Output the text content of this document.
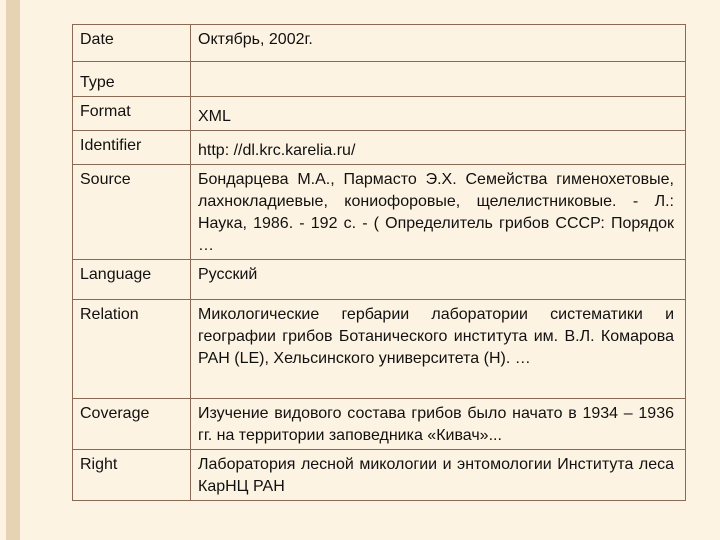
Date	Октябрь, 2002г.

Type	

Format	XML

Identifier	http: //dl.krc.karelia.ru/

Source	Бондарцева М.А., Пармасто Э.Х. Семейства гименохетовые, лахнокладиевые, кониофоровые, щелелистниковые. - Л.: Наука, 1986. - 192 с. - ( Определитель грибов СССР: Порядок …

Language	Русский

Relation	Микологические гербарии лаборатории систематики и географии грибов Ботанического института им. В.Л. Комарова РАН (LE), Хельсинского университета (H). …

Coverage	Изучение видового состава грибов было начато в 1934 – 1936 гг. на территории заповедника «Кивач»...

Right	Лаборатория лесной микологии и энтомологии Института леса КарНЦ РАН
